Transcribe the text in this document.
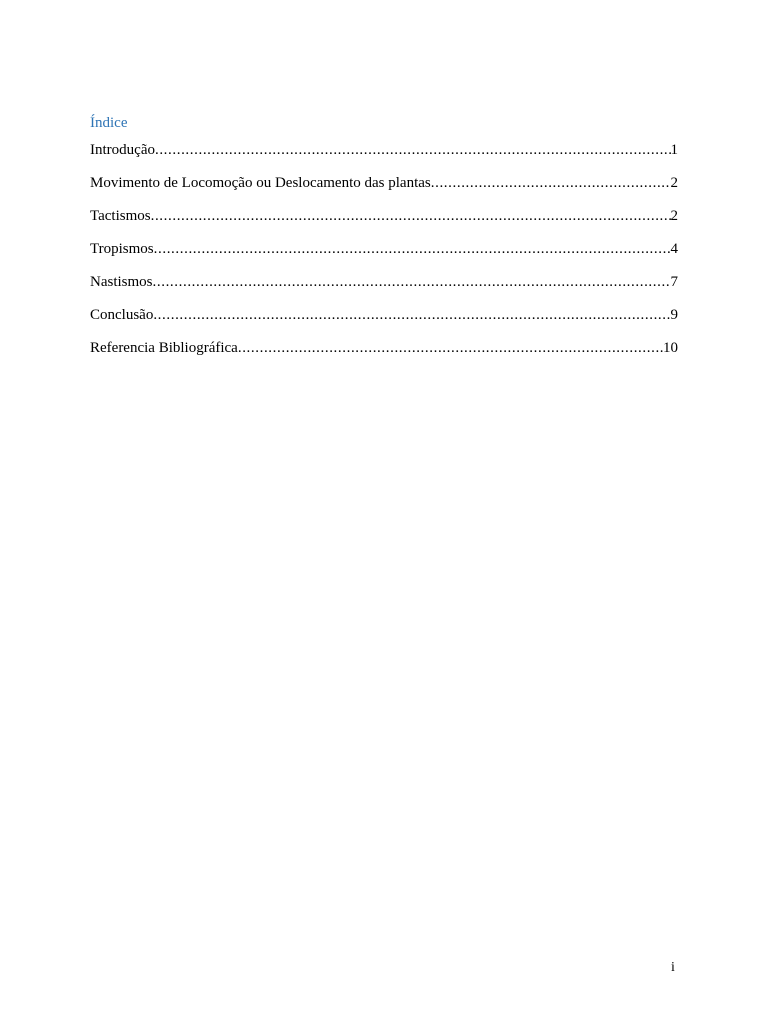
Índice
Introdução .....	1
Movimento de Locomoção ou Deslocamento das plantas .....	2
Tactismos .....	2
Tropismos .....	4
Nastismos .....	7
Conclusão .....	9
Referencia Bibliográfica .....	10
i
